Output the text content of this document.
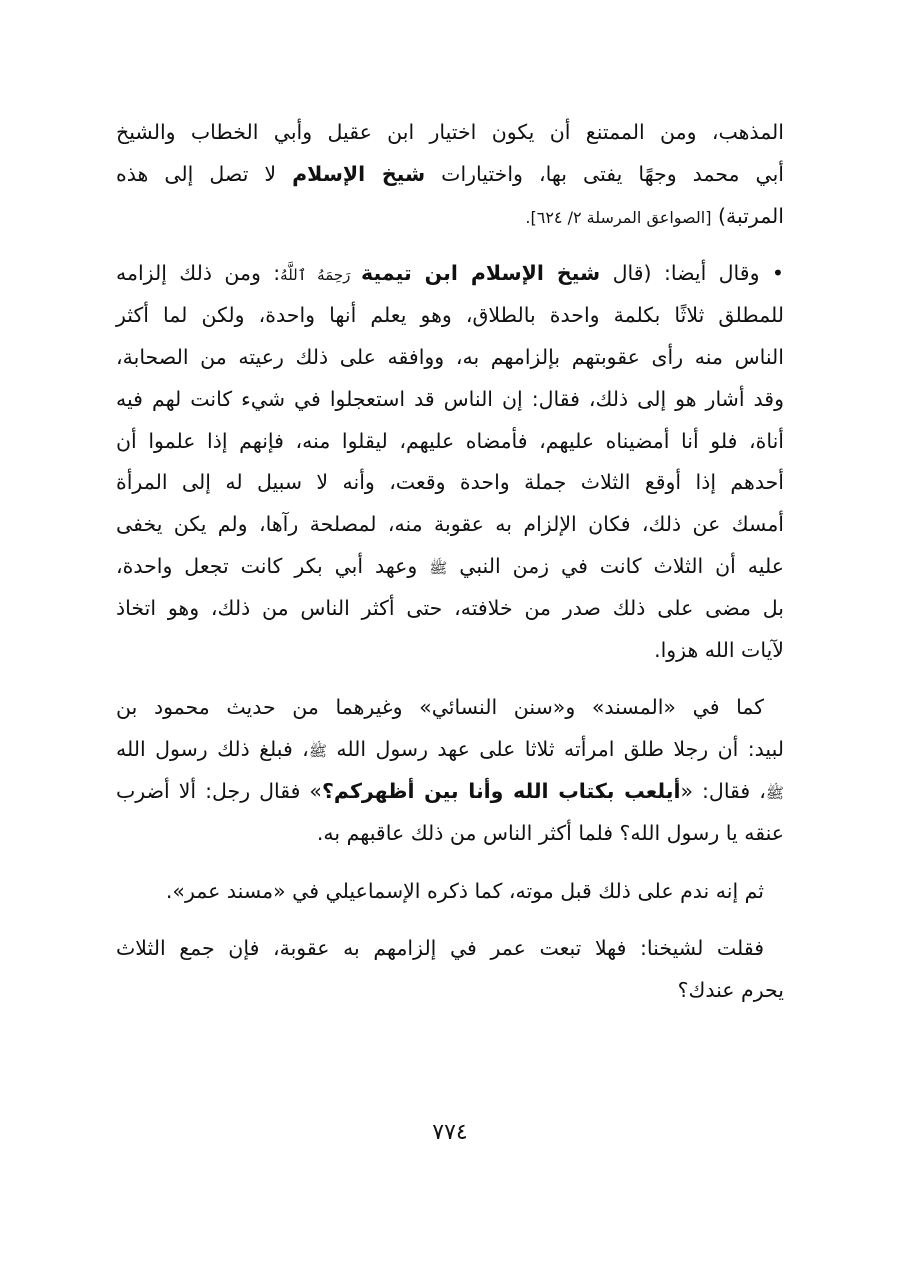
المذهب، ومن الممتنع أن يكون اختيار ابن عقيل وأبي الخطاب والشيخ
أبي محمد وجهًا يفتى بها، واختيارات شيخ الإسلام لا تصل إلى هذه
المرتبة) [الصواعق المرسلة ٢/ ٦٢٤].
• وقال أيضا: (قال شيخ الإسلام ابن تيمية رَحِمَهُ ٱللَّهُ: ومن ذلك إلزامه
للمطلق ثلاثًا بكلمة واحدة بالطلاق، وهو يعلم أنها واحدة، ولكن لما أكثر
الناس منه رأى عقوبتهم بإلزامهم به، ووافقه على ذلك رعيته من الصحابة،
وقد أشار هو إلى ذلك، فقال: إن الناس قد استعجلوا في شيء كانت لهم فيه
أناة، فلو أنا أمضيناه عليهم، فأمضاه عليهم، ليقلوا منه، فإنهم إذا علموا أن
أحدهم إذا أوقع الثلاث جملة واحدة وقعت، وأنه لا سبيل له إلى المرأة
أمسك عن ذلك، فكان الإلزام به عقوبة منه، لمصلحة رآها، ولم يكن يخفى
عليه أن الثلاث كانت في زمن النبي ﷺ وعهد أبي بكر كانت تجعل واحدة،
بل مضى على ذلك صدر من خلافته، حتى أكثر الناس من ذلك، وهو اتخاذ
لآيات الله هزوا.
كما في «المسند» و«سنن النسائي» وغيرهما من حديث محمود بن
لبيد: أن رجلا طلق امرأته ثلاثا على عهد رسول الله ﷺ، فبلغ ذلك رسول الله
ﷺ، فقال: «أيلعب بكتاب الله وأنا بين أظهركم؟» فقال رجل: ألا أضرب
عنقه يا رسول الله؟ فلما أكثر الناس من ذلك عاقبهم به.
ثم إنه ندم على ذلك قبل موته، كما ذكره الإسماعيلي في «مسند عمر».
فقلت لشيخنا: فهلا تبعت عمر في إلزامهم به عقوبة، فإن جمع الثلاث
يحرم عندك؟
٧٧٤
